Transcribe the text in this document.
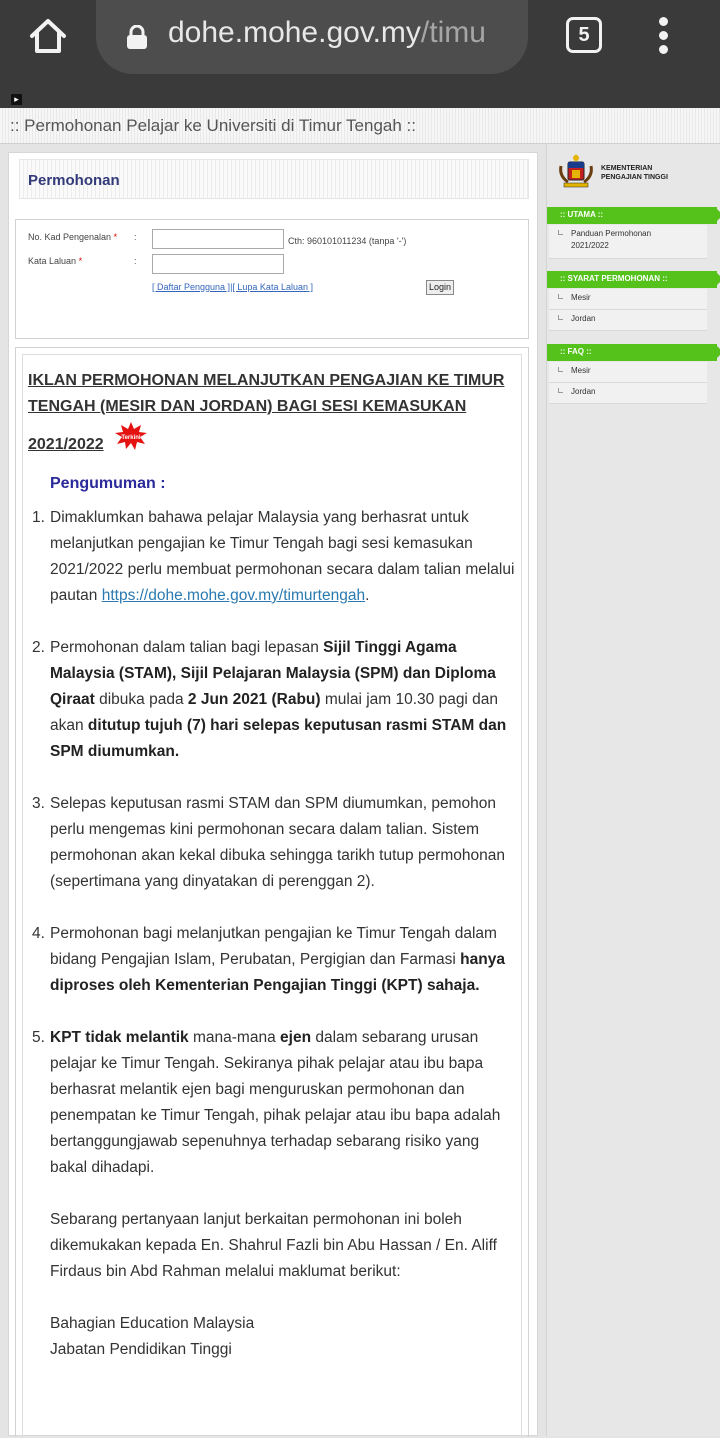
dohe.mohe.gov.my/timu	5
▸
:: Permohonan Pelajar ke Universiti di Timur Tengah ::
Permohonan
No. Kad Pengenalan * :	Cth: 960101011234 (tanpa '-')
Kata Laluan *	:
[ Daftar Pengguna ]|[ Lupa Kata Laluan ]	Login
IKLAN PERMOHONAN MELANJUTKAN PENGAJIAN KE TIMUR TENGAH (MESIR DAN JORDAN) BAGI SESI KEMASUKAN
2021/2022	Terkini
Pengumuman :
1. Dimaklumkan bahawa pelajar Malaysia yang berhasrat untuk melanjutkan pengajian ke Timur Tengah bagi sesi kemasukan 2021/2022 perlu membuat permohonan secara dalam talian melalui pautan https://dohe.mohe.gov.my/timurtengah.
2. Permohonan dalam talian bagi lepasan Sijil Tinggi Agama Malaysia (STAM), Sijil Pelajaran Malaysia (SPM) dan Diploma Qiraat dibuka pada 2 Jun 2021 (Rabu) mulai jam 10.30 pagi dan akan ditutup tujuh (7) hari selepas keputusan rasmi STAM dan SPM diumumkan.
3. Selepas keputusan rasmi STAM dan SPM diumumkan, pemohon perlu mengemas kini permohonan secara dalam talian. Sistem permohonan akan kekal dibuka sehingga tarikh tutup permohonan (sepertimana yang dinyatakan di perenggan 2).
4. Permohonan bagi melanjutkan pengajian ke Timur Tengah dalam bidang Pengajian Islam, Perubatan, Pergigian dan Farmasi hanya diproses oleh Kementerian Pengajian Tinggi (KPT) sahaja.
5. KPT tidak melantik mana-mana ejen dalam sebarang urusan pelajar ke Timur Tengah. Sekiranya pihak pelajar atau ibu bapa berhasrat melantik ejen bagi menguruskan permohonan dan penempatan ke Timur Tengah, pihak pelajar atau ibu bapa adalah bertanggungjawab sepenuhnya terhadap sebarang risiko yang bakal dihadapi.
Sebarang pertanyaan lanjut berkaitan permohonan ini boleh dikemukakan kepada En. Shahrul Fazli bin Abu Hassan / En. Aliff Firdaus bin Abd Rahman melalui maklumat berikut:
Bahagian Education Malaysia
Jabatan Pendidikan Tinggi
KEMENTERIAN
PENGAJIAN TINGGI
:: UTAMA ::
Panduan Permohonan 2021/2022
:: SYARAT PERMOHONAN ::
Mesir
Jordan
:: FAQ ::
Mesir
Jordan
